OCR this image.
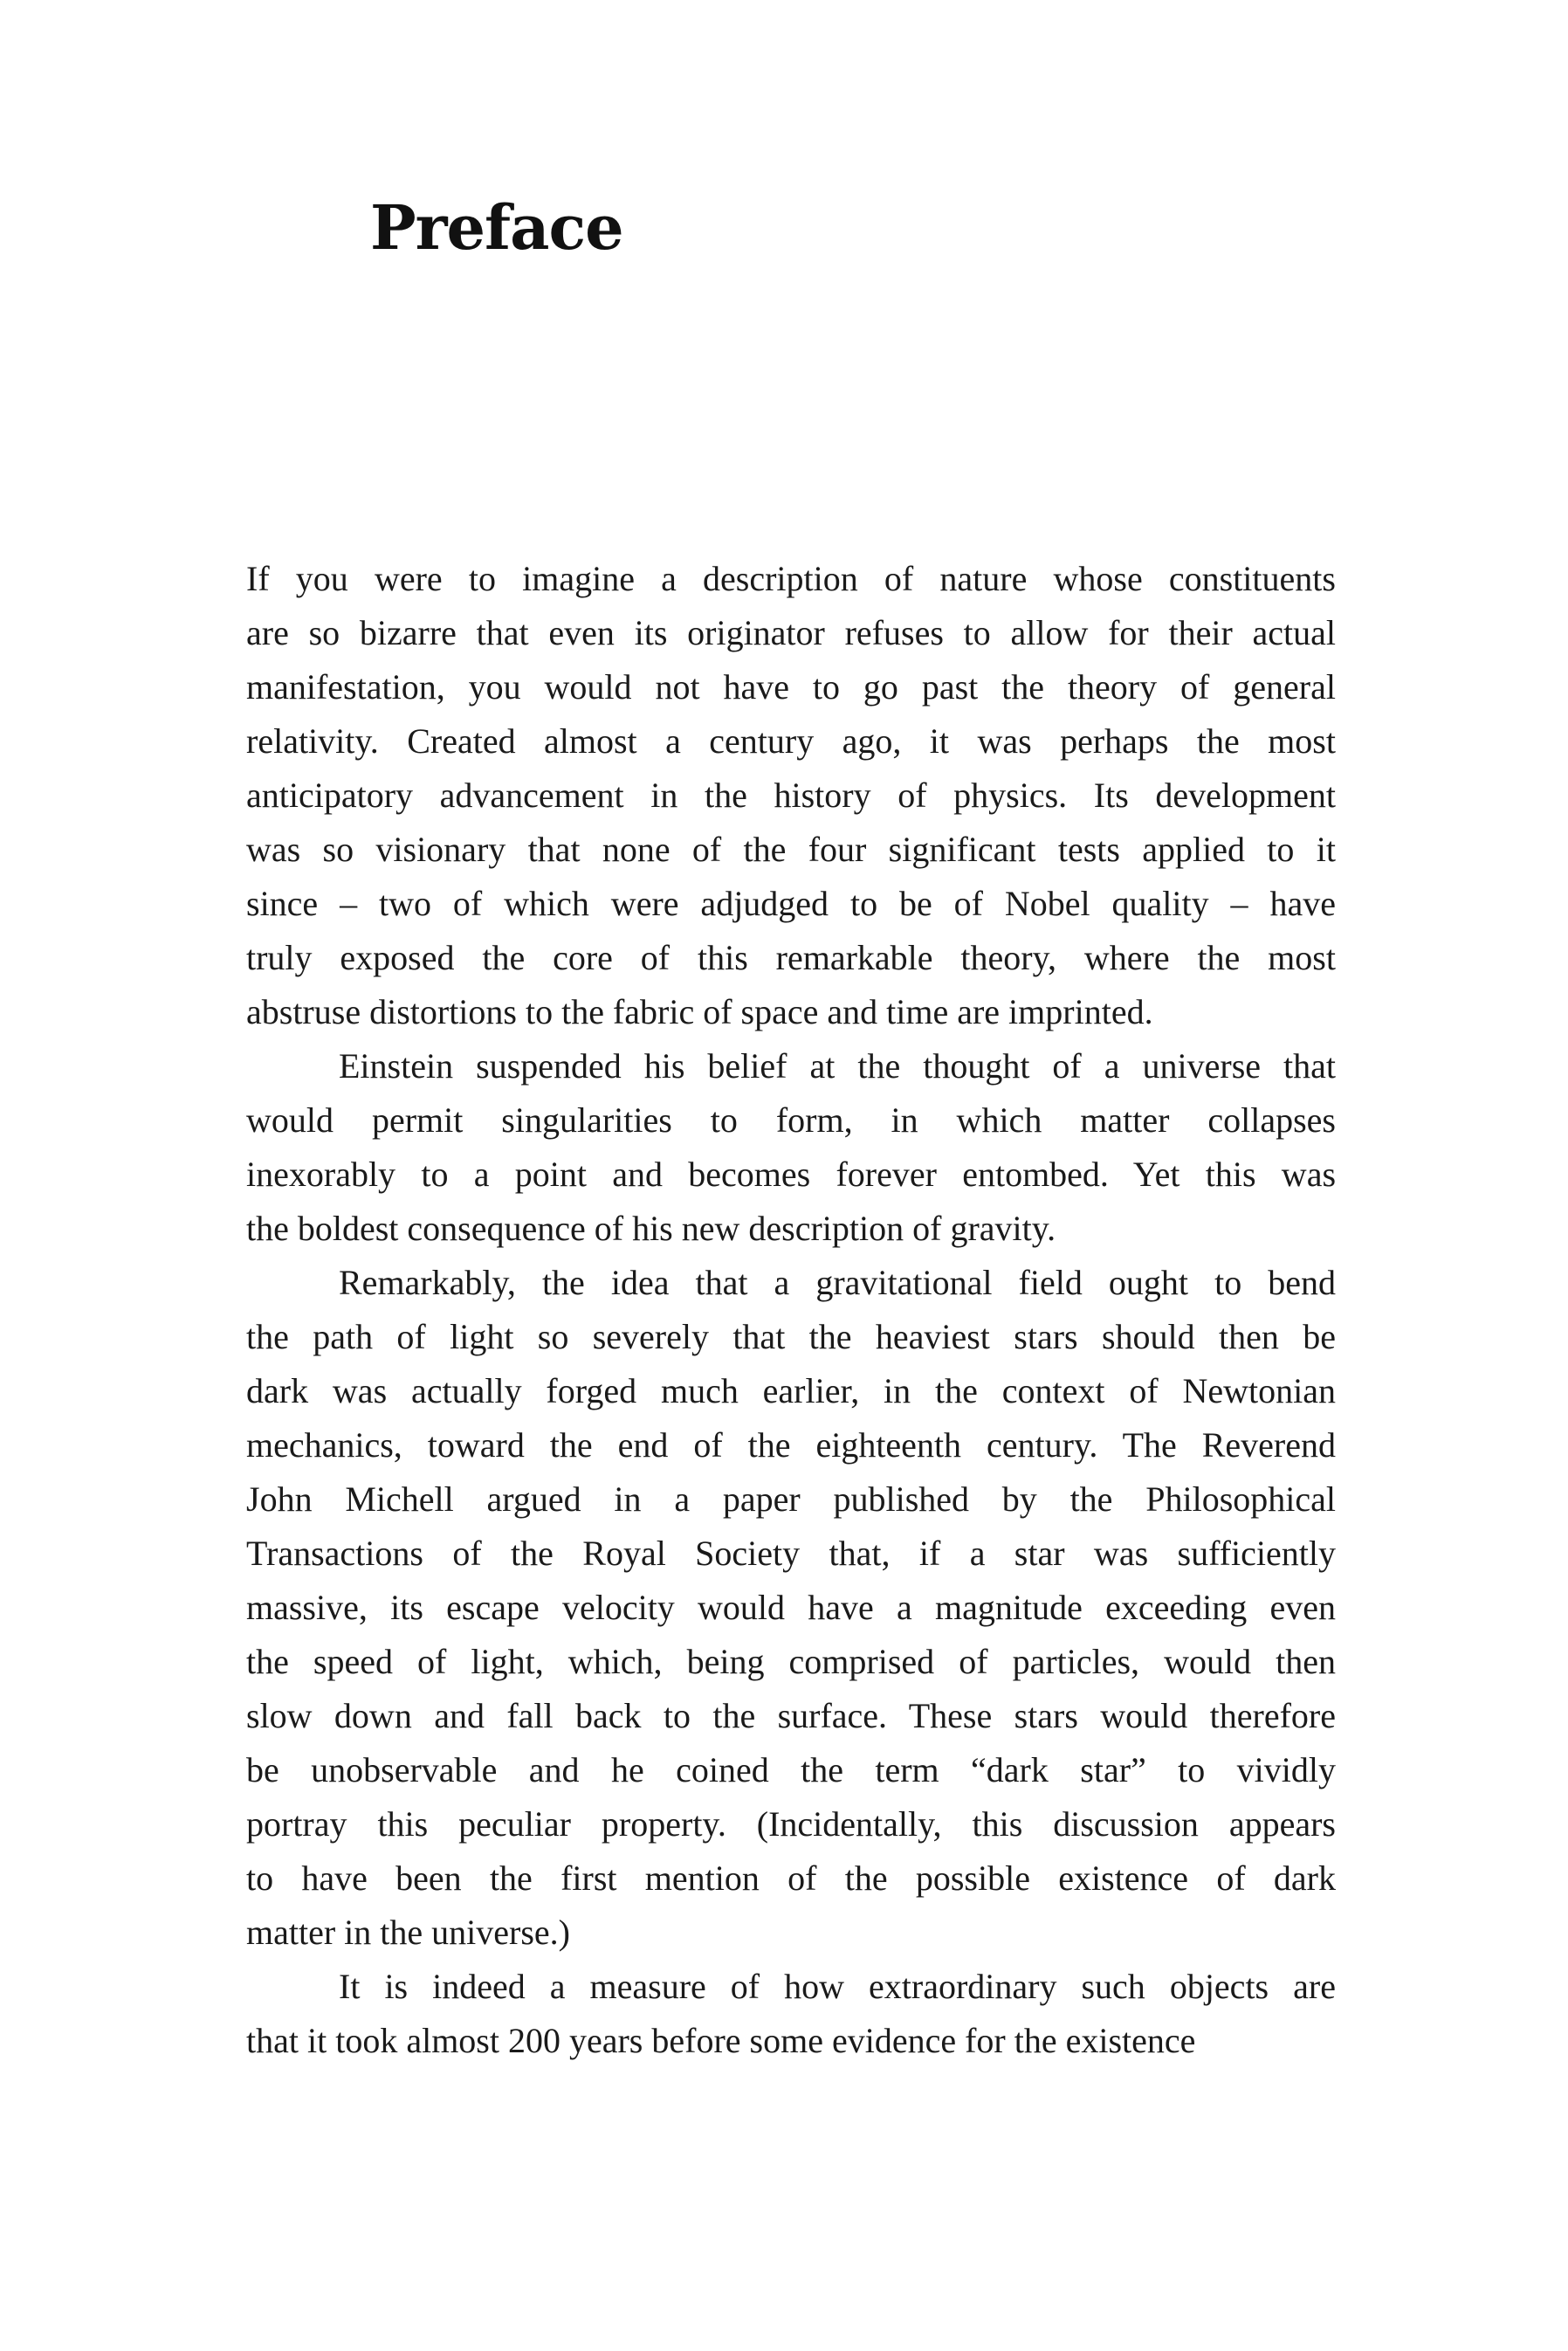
Preface
If you were to imagine a description of nature whose constituents
are so bizarre that even its originator refuses to allow for their actual
manifestation, you would not have to go past the theory of general
relativity. Created almost a century ago, it was perhaps the most
anticipatory advancement in the history of physics. Its development
was so visionary that none of the four significant tests applied to it
since – two of which were adjudged to be of Nobel quality – have
truly exposed the core of this remarkable theory, where the most
abstruse distortions to the fabric of space and time are imprinted.
Einstein suspended his belief at the thought of a universe that
would permit singularities to form, in which matter collapses
inexorably to a point and becomes forever entombed. Yet this was
the boldest consequence of his new description of gravity.
Remarkably, the idea that a gravitational field ought to bend
the path of light so severely that the heaviest stars should then be
dark was actually forged much earlier, in the context of Newtonian
mechanics, toward the end of the eighteenth century. The Reverend
John Michell argued in a paper published by the Philosophical
Transactions of the Royal Society that, if a star was sufficiently
massive, its escape velocity would have a magnitude exceeding even
the speed of light, which, being comprised of particles, would then
slow down and fall back to the surface. These stars would therefore
be unobservable and he coined the term “dark star” to vividly
portray this peculiar property. (Incidentally, this discussion appears
to have been the first mention of the possible existence of dark
matter in the universe.)
It is indeed a measure of how extraordinary such objects are
that it took almost 200 years before some evidence for the existence
